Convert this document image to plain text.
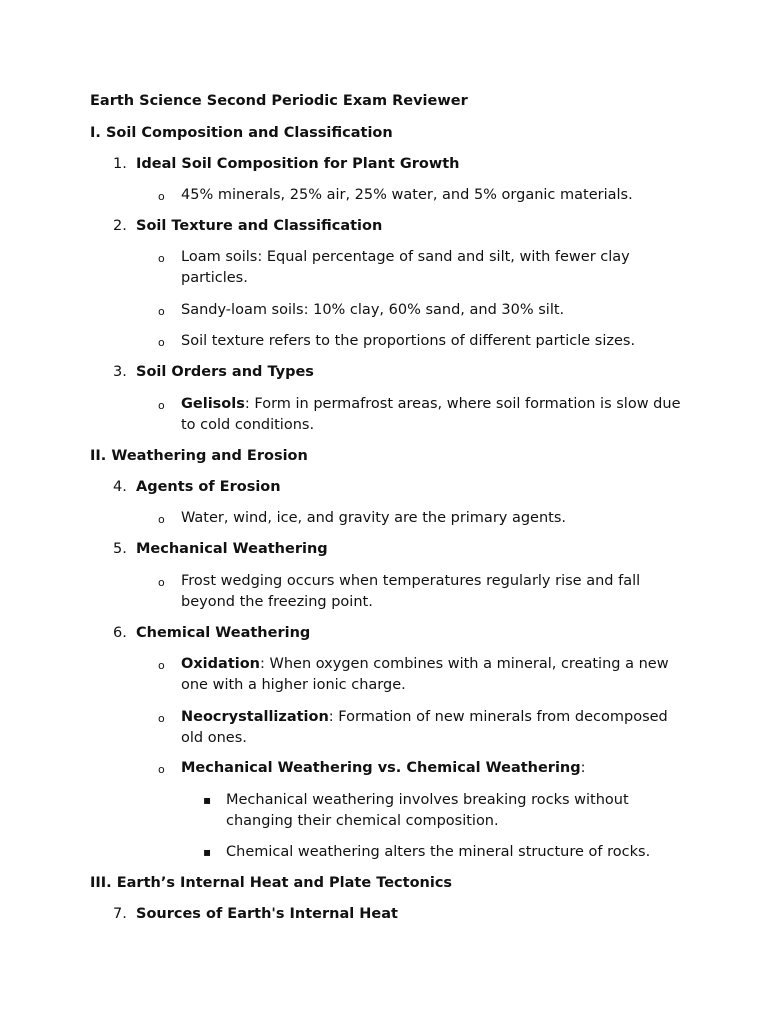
Earth Science Second Periodic Exam Reviewer
I. Soil Composition and Classification
1. Ideal Soil Composition for Plant Growth
o 45% minerals, 25% air, 25% water, and 5% organic materials.
2. Soil Texture and Classification
o Loam soils: Equal percentage of sand and silt, with fewer clay particles.
o Sandy-loam soils: 10% clay, 60% sand, and 30% silt.
o Soil texture refers to the proportions of different particle sizes.
3. Soil Orders and Types
o Gelisols: Form in permafrost areas, where soil formation is slow due to cold conditions.
II. Weathering and Erosion
4. Agents of Erosion
o Water, wind, ice, and gravity are the primary agents.
5. Mechanical Weathering
o Frost wedging occurs when temperatures regularly rise and fall beyond the freezing point.
6. Chemical Weathering
o Oxidation: When oxygen combines with a mineral, creating a new one with a higher ionic charge.
o Neocrystallization: Formation of new minerals from decomposed old ones.
o Mechanical Weathering vs. Chemical Weathering:
▪ Mechanical weathering involves breaking rocks without changing their chemical composition.
▪ Chemical weathering alters the mineral structure of rocks.
III. Earth’s Internal Heat and Plate Tectonics
7. Sources of Earth's Internal Heat
